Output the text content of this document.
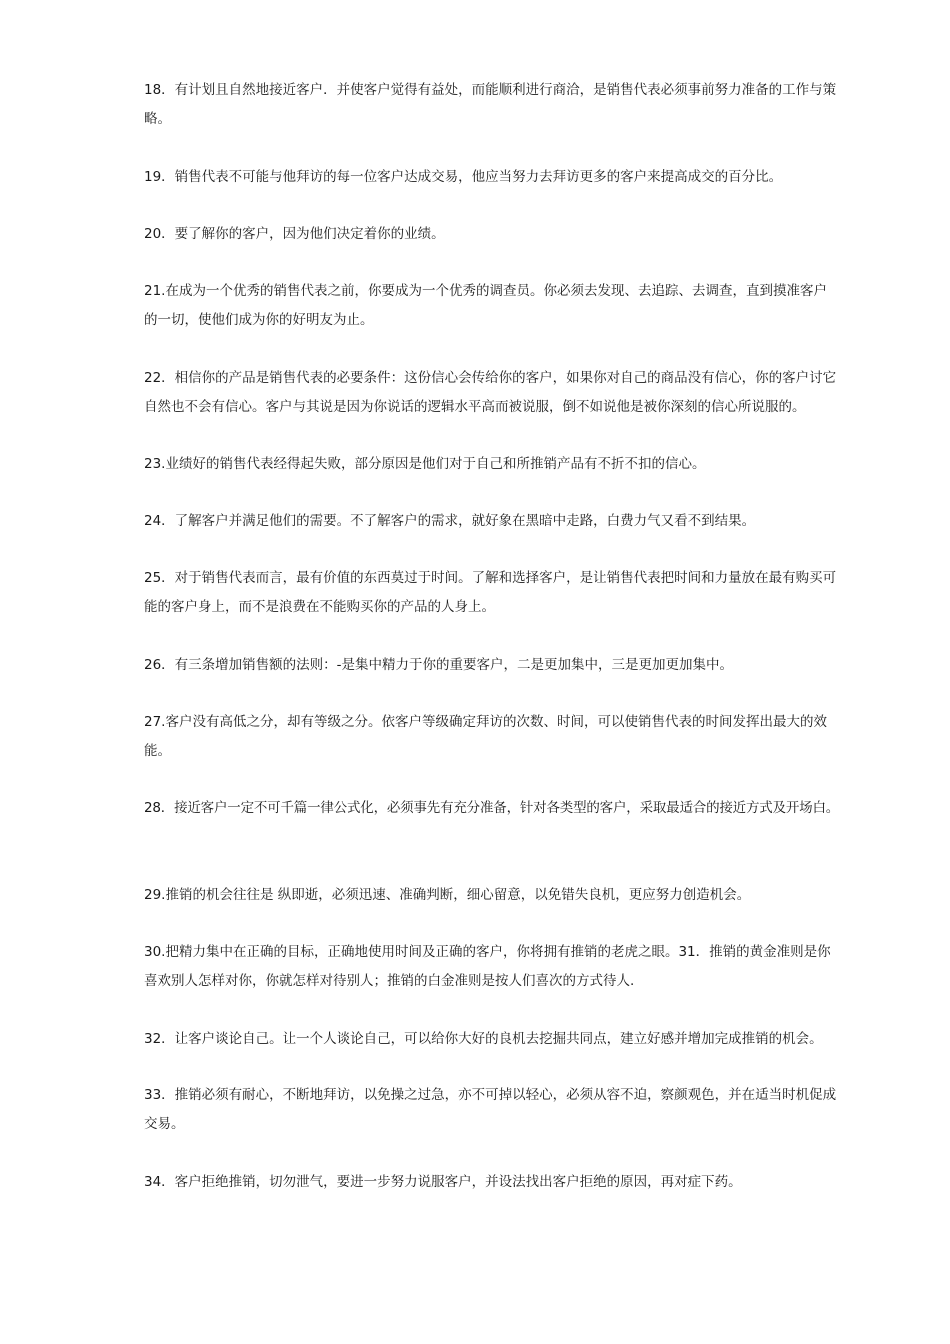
18．有计划且自然地接近客户．并使客户觉得有益处，而能顺利进行商洽，是销售代表必须事前努力准备的工作与策
略。

19．销售代表不可能与他拜访的每一位客户达成交易，他应当努力去拜访更多的客户来提高成交的百分比。

20．要了解你的客户，因为他们决定着你的业绩。

21.在成为一个优秀的销售代表之前，你要成为一个优秀的调查员。你必须去发现、去追踪、去调查，直到摸准客户
的一切，使他们成为你的好明友为止。

22．相信你的产品是销售代表的必要条件：这份信心会传给你的客户，如果你对自己的商品没有信心，你的客户讨它
自然也不会有信心。客户与其说是因为你说话的逻辑水平高而被说服，倒不如说他是被你深刻的信心所说服的。

23.业绩好的销售代表经得起失败，部分原因是他们对于自己和所推销产品有不折不扣的信心。

24．了解客户并满足他们的需要。不了解客户的需求，就好象在黑暗中走路，白费力气又看不到结果。

25．对于销售代表而言，最有价值的东西莫过于时间。了解和选择客户，是让销售代表把时间和力量放在最有购买可
能的客户身上，而不是浪费在不能购买你的产品的人身上。

26．有三条增加销售额的法则：-是集中精力于你的重要客户，二是更加集中，三是更加更加集中。

27.客户没有高低之分，却有等级之分。依客户等级确定拜访的次数、时间，可以使销售代表的时间发挥出最大的效
能。

28．接近客户一定不可千篇一律公式化，必须事先有充分准备，针对各类型的客户，采取最适合的接近方式及开场白。

29.推销的机会往往是 纵即逝，必须迅速、准确判断，细心留意，以免错失良机，更应努力创造机会。

30.把精力集中在正确的目标，正确地使用时间及正确的客户，你将拥有推销的老虎之眼。31．推销的黄金准则是你
喜欢别人怎样对你，你就怎样对待别人；推销的白金准则是按人们喜次的方式待人.

32．让客户谈论自己。让一个人谈论自己，可以给你大好的良机去挖掘共同点，建立好感并增加完成推销的机会。

33．推销必须有耐心，不断地拜访，以免操之过急，亦不可掉以轻心，必须从容不迫，察颜观色，并在适当时机促成
交易。

34．客户拒绝推销，切勿泄气，要进一步努力说服客户，并设法找出客户拒绝的原因，再对症下药。
